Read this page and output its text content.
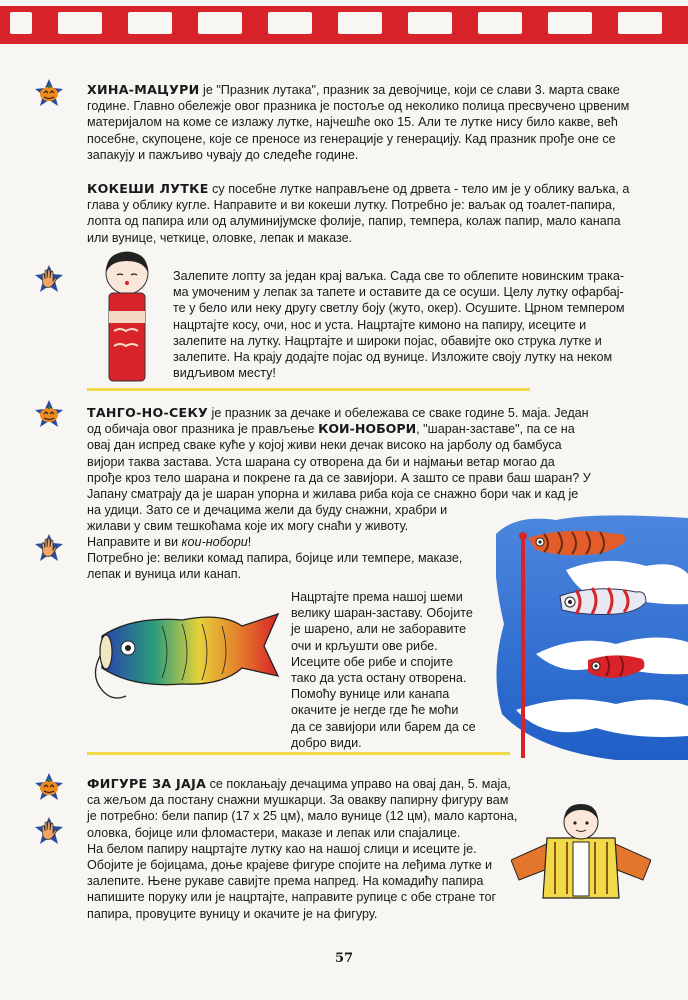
ХИНА-МАЦУРИ је "Празник лутака", празник за девојчице, који се слави 3. марта сваке
године. Главно обележје овог празника је постоље од неколико полица пресвучено црвеним
материјалом на коме се излажу лутке, најчешће око 15. Али те лутке нису било какве, већ
посебне, скупоцене, које се преносе из генерације у генерацију. Кад празник прође оне се
запакују и пажљиво чувају до следеће године.
КОКЕШИ ЛУТКЕ су посебне лутке направљене од дрвета - тело им је у облику ваљка, а
глава у облику кугле. Направите и ви кокеши лутку. Потребно је: ваљак од тоалет-папира,
лопта од папира или од алуминијумске фолије, папир, темпера, колаж папир, мало канапа
или вуницe, четкице, оловке, лепак и маказе.
Залепите лопту за један крај ваљка. Сада све то облепите новинским трака-
ма умоченим у лепак за тапете и оставите да се осуши. Целу лутку офарбај-
те у бело или неку другу светлу боју (жуто, окер). Осушите. Црном темпером
нацртајте косу, очи, нос и уста. Нацртајте кимоно на папиру, исеците и
залепите на лутку. Нацртајте и широки појас, обавијте око струка лутке и
залепите. На крају додајте појас од вунице. Изложите своју лутку на неком
видљивом месту!
ТАНГО-НО-СЕКУ је празник за дечаке и обележава се сваке године 5. маја. Један
од обичаја овог празника је прављење КОИ-НОБОРИ, "шаран-заставе", па се на
овај дан испред сваке куће у којој живи неки дечак високо на јарболу од бамбуса
вијори таква застава. Уста шарана су отворена да би и најмањи ветар могао да
прође кроз тело шарана и покрене га да се завијори. А зашто се прави баш шаран? У
Јапану сматрају да је шаран упорна и жилава риба која се снажно бори чак и кад је
на удици. Зато се и дечацима жели да буду снажни, храбри и
жилави у свим тешкоћама које их могу снаћи у животу.
Направите и ви кои-нобори!
Потребно је: велики комад папира, бојице или темпере, маказе,
лепак и вуница или канап.
Нацртајте према нашој шеми
велику шаран-заставу. Обојите
је шарено, али не заборавите
очи и крљушти ове рибе.
Исеците обе рибе и спојите
тако да уста остану отворена.
Помоћу вунице или канапа
окачите је негде где ће моћи
да се завијори или барем да се
добро види.
ФИГУРЕ ЗА ЈАЈА се поклањају дечацима управо на овај дан, 5. маја,
са жељом да постану снажни мушкарци. За овакву папирну фигуру вам
је потребно: бели папир (17 x 25 цм), мало вунице (12 цм), мало картона,
оловка, бојице или фломастери, маказе и лепак или спајалице.
На белом папиру нацртајте лутку као на нашој слици и исеците је.
Обојите је бојицама, доње крајеве фигуре спојите на леђима лутке и
залепите. Њене рукаве савијте према напред. На комадићу папира
напишите поруку или је нацртајте, направите рупице с обе стране тог
папира, провуците вуницу и окачите је на фигуру.
57
